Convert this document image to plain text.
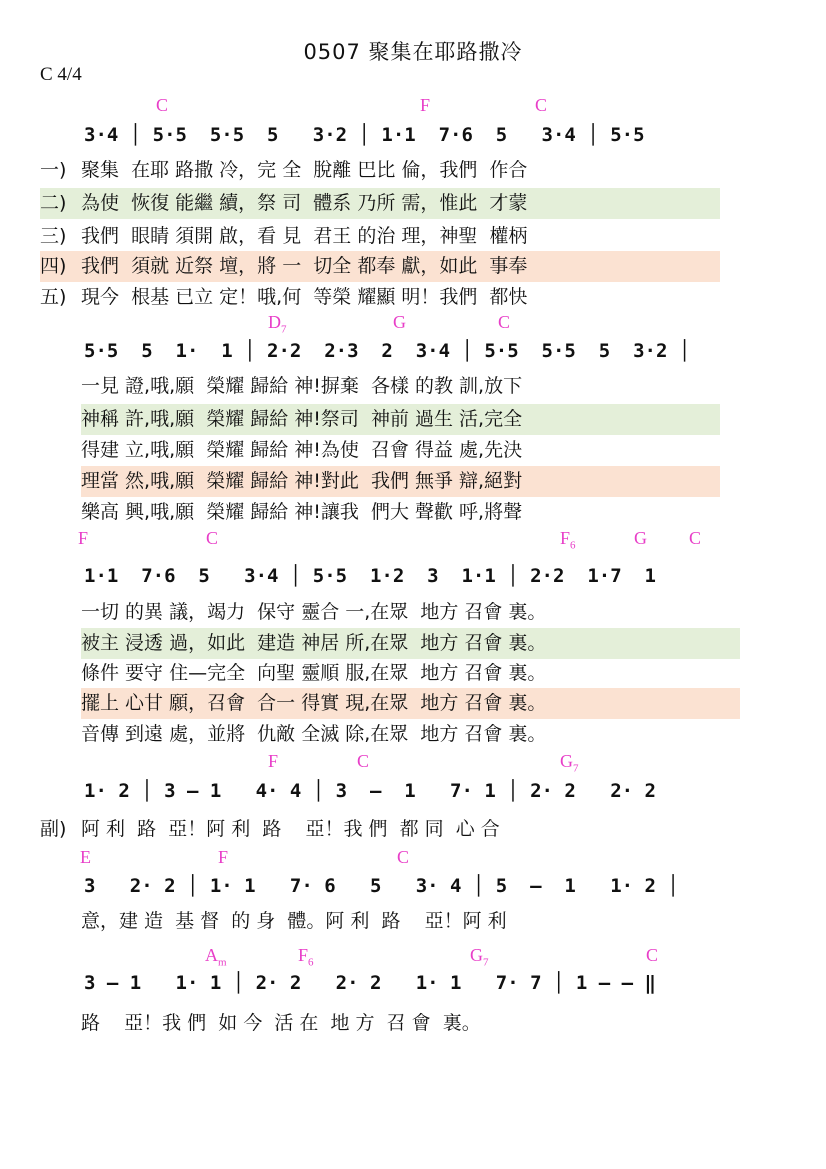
0507 聚集在耶路撒冷
C 4/4
C	F	C
3·4 │ 5·5  5·5  5   3·2 │ 1·1  7·6  5   3·4 │ 5·5
一) 聚集  在耶 路撒 冷，完 全  脫離 巴比 倫，我們  作合
二) 為使  恢復 能繼 續，祭 司  體系 乃所 需，惟此  才蒙
三) 我們  眼睛 須開 啟，看 見  君王 的治 理，神聖  權柄
四) 我們  須就 近祭 壇，將 一  切全 都奉 獻，如此  事奉
五) 現今  根基 已立 定！哦,何  等榮 耀顯 明！我們  都快
$D_7$	G	C
5·5  5  1·  1 │ 2·2  2·3  2  3·4 │ 5·5  5·5  5  3·2 │
一見 證,哦,願  榮耀 歸給 神!摒棄  各樣 的教 訓,放下
神稱 許,哦,願  榮耀 歸給 神!祭司  神前 過生 活,完全
得建 立,哦,願  榮耀 歸給 神!為使  召會 得益 處,先決
理當 然,哦,願  榮耀 歸給 神!對此  我們 無爭 辯,絕對
樂高 興,哦,願  榮耀 歸給 神!讓我  們大 聲歡 呼,將聲
F	C	$F_6$	G C
1·1  7·6  5   3·4 │ 5·5  1·2  3  1·1 │ 2·2  1·7  1
一切 的異 議，竭力  保守 靈合 一,在眾  地方 召會 裏。
被主 浸透 過，如此  建造 神居 所,在眾  地方 召會 裏。
條件 要守 住—完全  向聖 靈順 服,在眾  地方 召會 裏。
擺上 心甘 願，召會  合一 得實 現,在眾  地方 召會 裏。
音傳 到遠 處，並將  仇敵 全滅 除,在眾  地方 召會 裏。
F	C	$G_7$
1· 2 │ 3 – 1   4· 4 │ 3  –  1   7· 1 │ 2· 2   2· 2
副) 阿 利  路  亞！阿 利  路    亞！我 們  都 同  心 合
E	F	C
3   2· 2 │ 1· 1   7· 6   5   3· 4 │ 5  –  1   1· 2 │
意，建 造  基 督  的 身  體。阿 利  路    亞！阿 利
$A_m$	$F_6$	$G_7$	C
3 – 1   1· 1 │ 2· 2   2· 2   1· 1   7· 7 │ 1 – – ‖
路    亞！我 們  如 今  活 在  地 方  召 會  裏。
